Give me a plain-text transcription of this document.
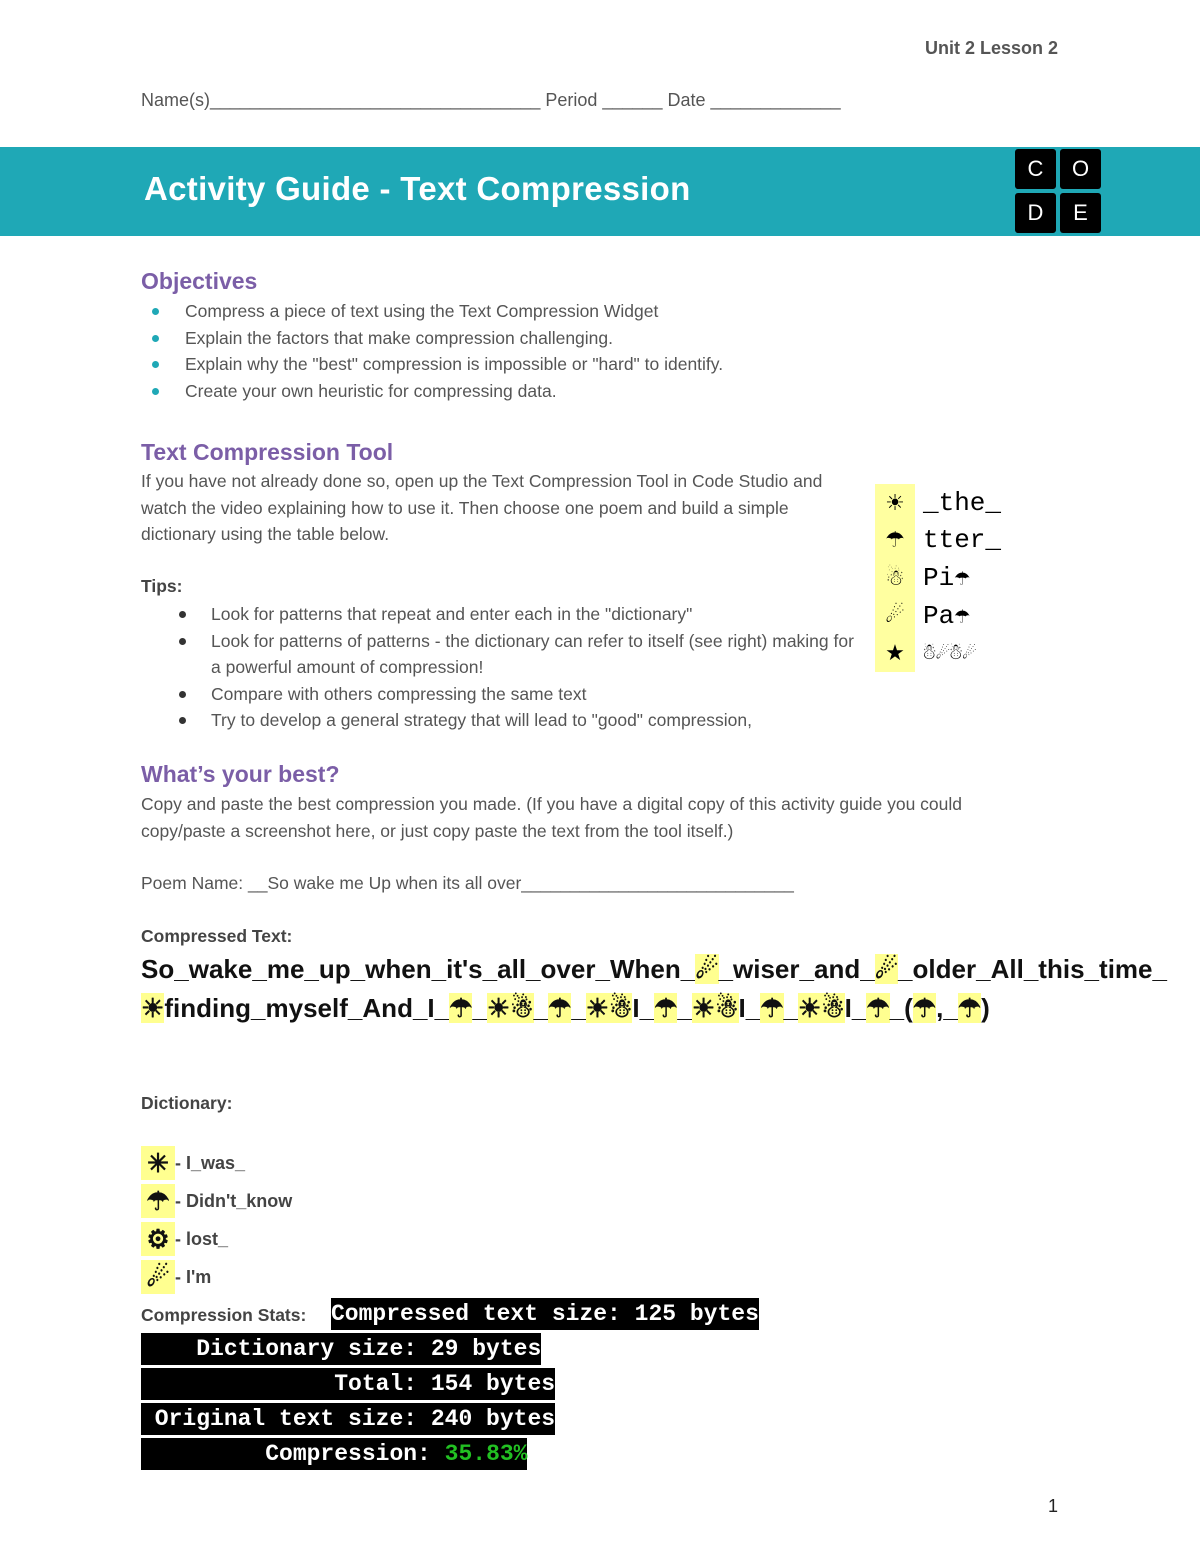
Unit 2 Lesson 2
Name(s)_________________________________ Period ______ Date _____________
Activity Guide - Text Compression
C	O
D	E
Objectives
Compress a piece of text using the Text Compression Widget
Explain the factors that make compression challenging.
Explain why the "best" compression is impossible or "hard" to identify.
Create your own heuristic for compressing data.
Text Compression Tool
If you have not already done so, open up the Text Compression Tool in Code Studio and watch the video explaining how to use it. Then choose one poem and build a simple dictionary using the table below.
Tips:
Look for patterns that repeat and enter each in the "dictionary"
Look for patterns of patterns - the dictionary can refer to itself (see right) making for a powerful amount of compression!
Compare with others compressing the same text
Try to develop a general strategy that will lead to "good" compression,
☀ _the_
☂ tter_
☃ Pi☂
☄ Pa☂
★ ☃☄☃☄
What’s your best?
Copy and paste the best compression you made. (If you have a digital copy of this activity guide you could copy/paste a screenshot here, or just copy paste the text from the tool itself.)
Poem Name: __So wake me Up when its all over____________________________
Compressed Text:
So_wake_me_up_when_it's_all_over_When_☄_wiser_and_☄_older_All_this_time_☀finding_myself_And_I_☂_☀☃_☂_☀☃I_☂_☀☃I_☂_☀☃I_☂_(☂,_☂)
Dictionary:
✳ - I_was_
☂ - Didn't_know
⚙ - lost_
☄ - I'm
Compression Stats: Compressed text size: 125 bytes
Dictionary size: 29 bytes
Total: 154 bytes
Original text size: 240 bytes
Compression: 35.83%
1
